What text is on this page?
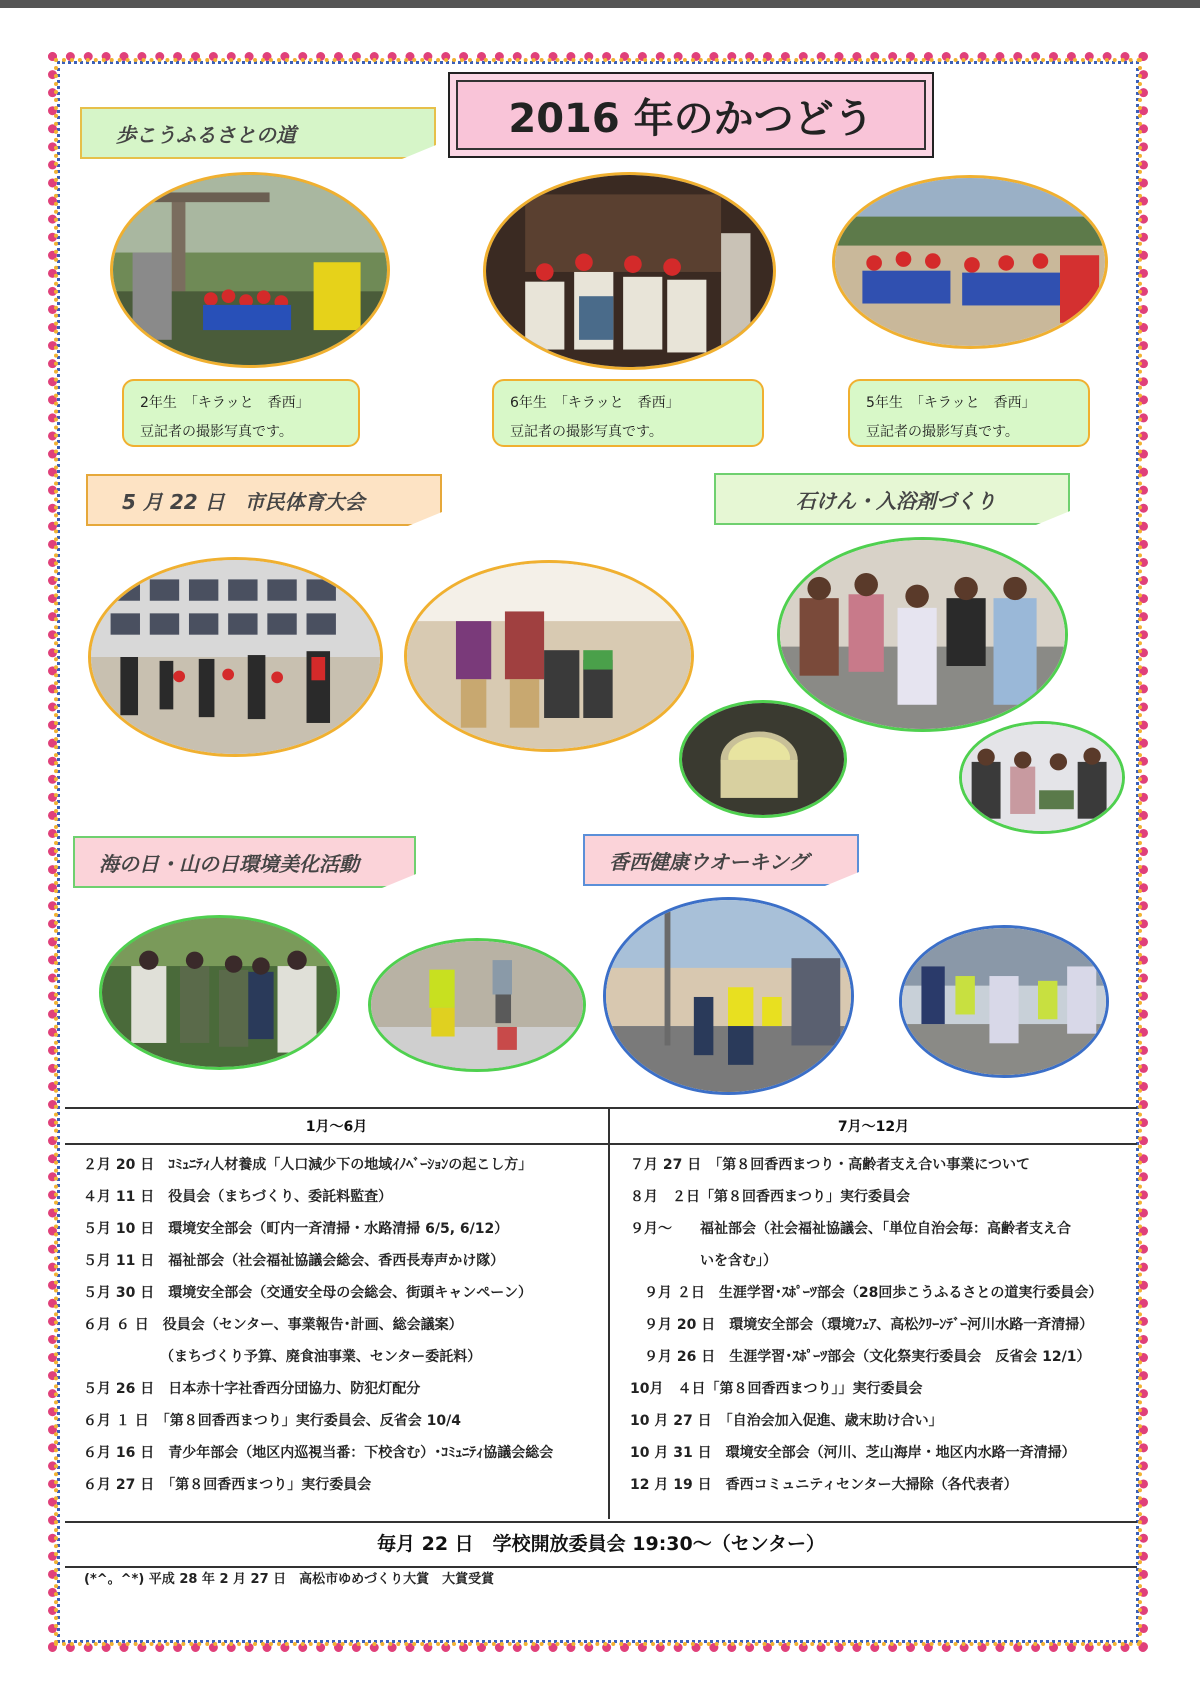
2016 年のかつどう
歩こうふるさとの道
2年生　「キラッと　香西」
豆記者の撮影写真です。
6年生　「キラッと　香西」
豆記者の撮影写真です。
5年生　「キラッと　香西」
豆記者の撮影写真です。
5 月 22 日　市民体育大会	石けん・入浴剤づくり
海の日・山の日環境美化活動	香西健康ウオーキング
1月～6月
２月 20 日　ｺﾐｭﾆﾃｨ人材養成「人口減少下の地域ｲﾉﾍﾞｰｼｮﾝの起こし方」
４月 11 日　役員会（まちづくり、委託料監査）
５月 10 日　環境安全部会（町内一斉清掃・水路清掃 6/5, 6/12）
５月 11 日　福祉部会（社会福祉協議会総会、香西長寿声かけ隊）
５月 30 日　環境安全部会（交通安全母の会総会、街頭キャンペーン）
６月 ６ 日　役員会（センター、事業報告･計画、総会議案）
　　　　　　（まちづくり予算、廃食油事業、センター委託料）
５月 26 日　日本赤十字社香西分団協力、防犯灯配分
６月 １ 日　「第８回香西まつり」実行委員会、反省会 10/4
６月 16 日　青少年部会（地区内巡視当番：下校含む）･ｺﾐｭﾆﾃｨ協議会総会
６月 27 日　「第８回香西まつり」実行委員会
7月～12月
７月 27 日　「第８回香西まつり・高齢者支え合い事業について
８月　２日「第８回香西まつり」実行委員会
９月～　　福祉部会（社会福祉協議会、「単位自治会毎：高齢者支え合
　　　　　いを含む」）
　９月 ２日　生涯学習･ｽﾎﾟｰﾂ部会（28回歩こうふるさとの道実行委員会）
　９月 20 日　環境安全部会（環境ﾌｪｱ、高松ｸﾘｰﾝﾃﾞｰ河川水路一斉清掃）
　９月 26 日　生涯学習･ｽﾎﾟｰﾂ部会（文化祭実行委員会　反省会 12/1）
10月　４日「第８回香西まつり」」実行委員会
10 月 27 日　「自治会加入促進、歳末助け合い」
10 月 31 日　環境安全部会（河川、芝山海岸・地区内水路一斉清掃）
12 月 19 日　香西コミュニティセンター大掃除（各代表者）
毎月 22 日　学校開放委員会 19:30～（センター）
(*^。^*) 平成 28 年 2 月 27 日　高松市ゆめづくり大賞　大賞受賞
